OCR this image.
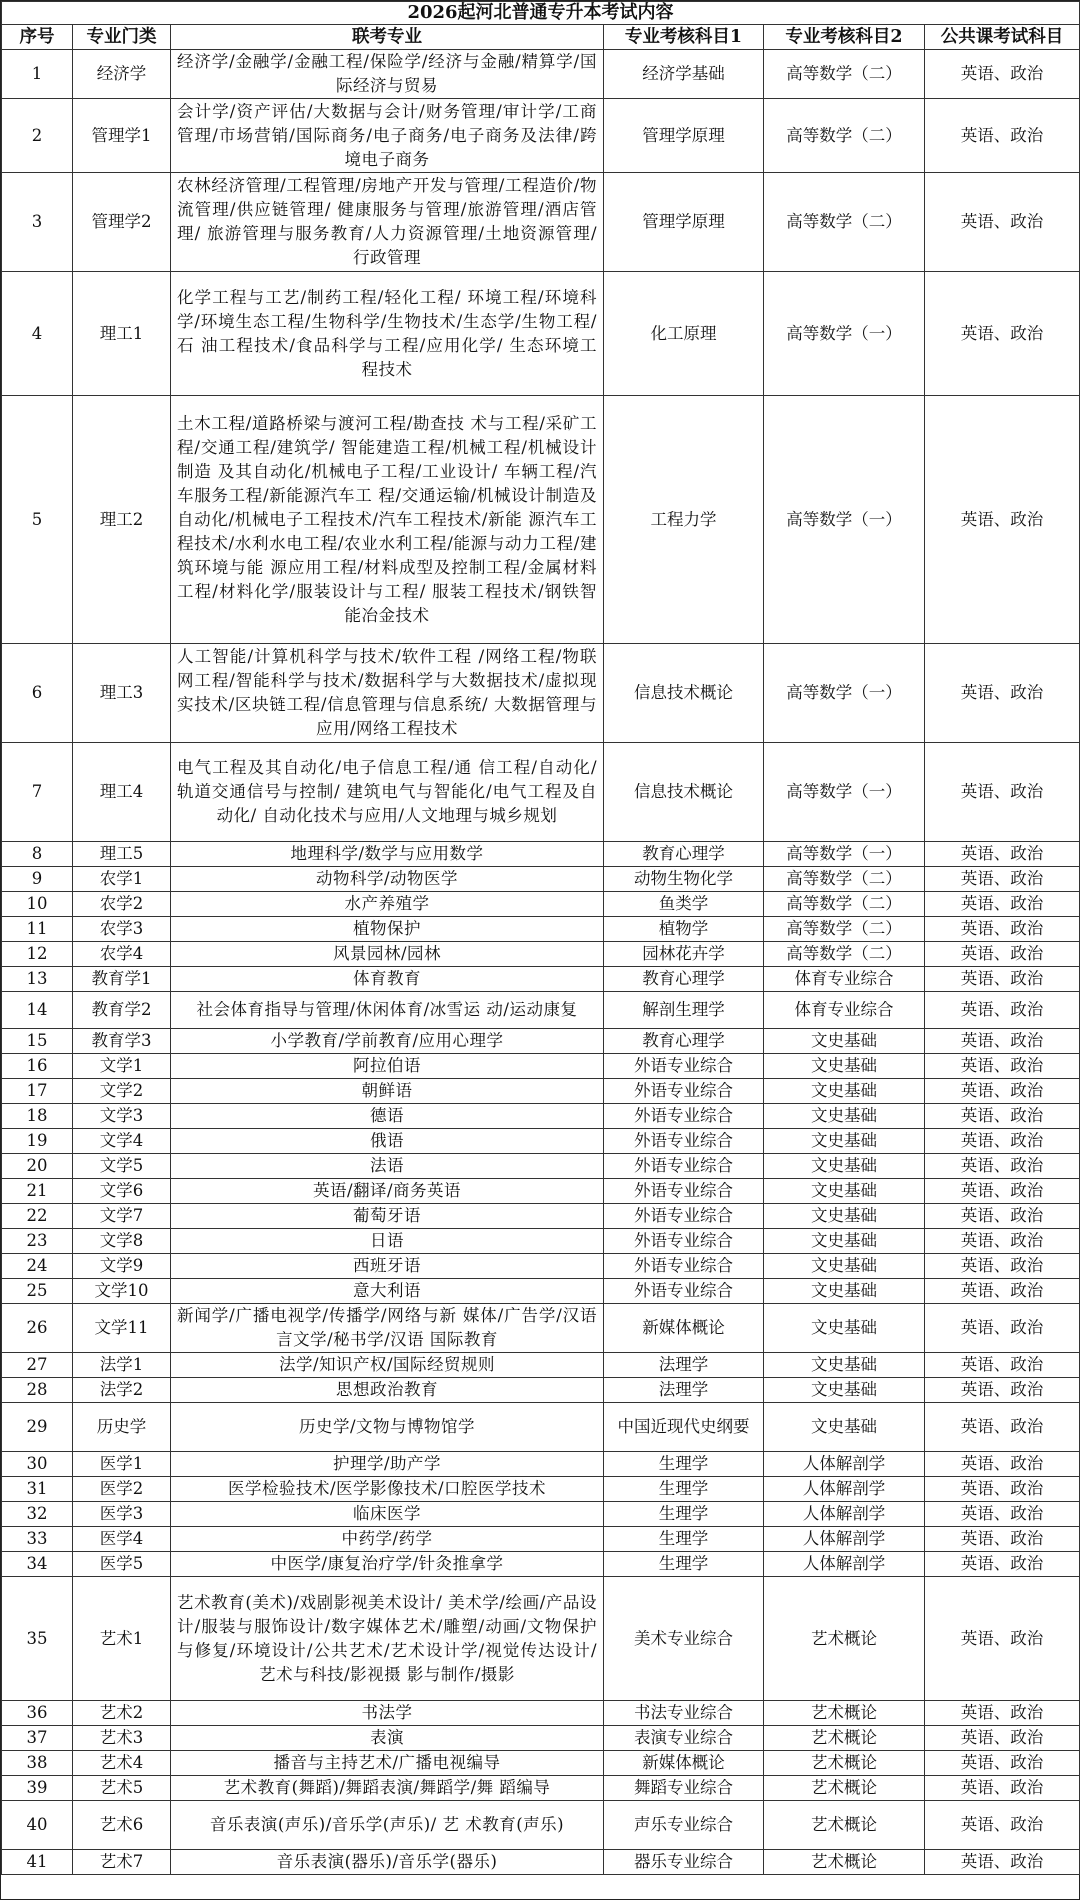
2026起河北普通专升本考试内容					
序号	专业门类	联考专业	专业考核科目1	专业考核科目2	公共课考试科目
1	经济学	经济学/金融学/金融工程/保险学/经济与金融/精算学/国际经济与贸易	经济学基础	高等数学（二）	英语、政治
2	管理学1	会计学/资产评估/大数据与会计/财务管理/审计学/工商管理/市场营销/国际商务/电子商务/电子商务及法律/跨境电子商务	管理学原理	高等数学（二）	英语、政治
3	管理学2	农林经济管理/工程管理/房地产开发与管理/工程造价/物流管理/供应链管理/ 健康服务与管理/旅游管理/酒店管理/ 旅游管理与服务教育/人力资源管理/土地资源管理/行政管理	管理学原理	高等数学（二）	英语、政治
4	理工1	化学工程与工艺/制药工程/轻化工程/ 环境工程/环境科学/环境生态工程/生物科学/生物技术/生态学/生物工程/石 油工程技术/食品科学与工程/应用化学/ 生态环境工程技术	化工原理	高等数学（一）	英语、政治
5	理工2	土木工程/道路桥梁与渡河工程/勘查技 术与工程/采矿工程/交通工程/建筑学/ 智能建造工程/机械工程/机械设计制造 及其自动化/机械电子工程/工业设计/ 车辆工程/汽车服务工程/新能源汽车工 程/交通运输/机械设计制造及自动化/机械电子工程技术/汽车工程技术/新能 源汽车工程技术/水利水电工程/农业水利工程/能源与动力工程/建筑环境与能 源应用工程/材料成型及控制工程/金属材料工程/材料化学/服装设计与工程/ 服装工程技术/钢铁智能冶金技术	工程力学	高等数学（一）	英语、政治
6	理工3	人工智能/计算机科学与技术/软件工程 /网络工程/物联网工程/智能科学与技术/数据科学与大数据技术/虚拟现实技术/区块链工程/信息管理与信息系统/ 大数据管理与应用/网络工程技术	信息技术概论	高等数学（一）	英语、政治
7	理工4	电气工程及其自动化/电子信息工程/通 信工程/自动化/轨道交通信号与控制/ 建筑电气与智能化/电气工程及自动化/ 自动化技术与应用/人文地理与城乡规划	信息技术概论	高等数学（一）	英语、政治
8	理工5	地理科学/数学与应用数学	教育心理学	高等数学（一）	英语、政治
9	农学1	动物科学/动物医学	动物生物化学	高等数学（二）	英语、政治
10	农学2	水产养殖学	鱼类学	高等数学（二）	英语、政治
11	农学3	植物保护	植物学	高等数学（二）	英语、政治
12	农学4	风景园林/园林	园林花卉学	高等数学（二）	英语、政治
13	教育学1	体育教育	教育心理学	体育专业综合	英语、政治
14	教育学2	社会体育指导与管理/休闲体育/冰雪运 动/运动康复	解剖生理学	体育专业综合	英语、政治
15	教育学3	小学教育/学前教育/应用心理学	教育心理学	文史基础	英语、政治
16	文学1	阿拉伯语	外语专业综合	文史基础	英语、政治
17	文学2	朝鲜语	外语专业综合	文史基础	英语、政治
18	文学3	德语	外语专业综合	文史基础	英语、政治
19	文学4	俄语	外语专业综合	文史基础	英语、政治
20	文学5	法语	外语专业综合	文史基础	英语、政治
21	文学6	英语/翻译/商务英语	外语专业综合	文史基础	英语、政治
22	文学7	葡萄牙语	外语专业综合	文史基础	英语、政治
23	文学8	日语	外语专业综合	文史基础	英语、政治
24	文学9	西班牙语	外语专业综合	文史基础	英语、政治
25	文学10	意大利语	外语专业综合	文史基础	英语、政治
26	文学11	新闻学/广播电视学/传播学/网络与新 媒体/广告学/汉语言文学/秘书学/汉语 国际教育	新媒体概论	文史基础	英语、政治
27	法学1	法学/知识产权/国际经贸规则	法理学	文史基础	英语、政治
28	法学2	思想政治教育	法理学	文史基础	英语、政治
29	历史学	历史学/文物与博物馆学	中国近现代史纲要	文史基础	英语、政治
30	医学1	护理学/助产学	生理学	人体解剖学	英语、政治
31	医学2	医学检验技术/医学影像技术/口腔医学技术	生理学	人体解剖学	英语、政治
32	医学3	临床医学	生理学	人体解剖学	英语、政治
33	医学4	中药学/药学	生理学	人体解剖学	英语、政治
34	医学5	中医学/康复治疗学/针灸推拿学	生理学	人体解剖学	英语、政治
35	艺术1	艺术教育(美术)/戏剧影视美术设计/ 美术学/绘画/产品设计/服装与服饰设计/数字媒体艺术/雕塑/动画/文物保护与修复/环境设计/公共艺术/艺术设计学/视觉传达设计/艺术与科技/影视摄 影与制作/摄影	美术专业综合	艺术概论	英语、政治
36	艺术2	书法学	书法专业综合	艺术概论	英语、政治
37	艺术3	表演	表演专业综合	艺术概论	英语、政治
38	艺术4	播音与主持艺术/广播电视编导	新媒体概论	艺术概论	英语、政治
39	艺术5	艺术教育(舞蹈)/舞蹈表演/舞蹈学/舞 蹈编导	舞蹈专业综合	艺术概论	英语、政治
40	艺术6	音乐表演(声乐)/音乐学(声乐)/ 艺 术教育(声乐)	声乐专业综合	艺术概论	英语、政治
41	艺术7	音乐表演(器乐)/音乐学(器乐)	器乐专业综合	艺术概论	英语、政治
